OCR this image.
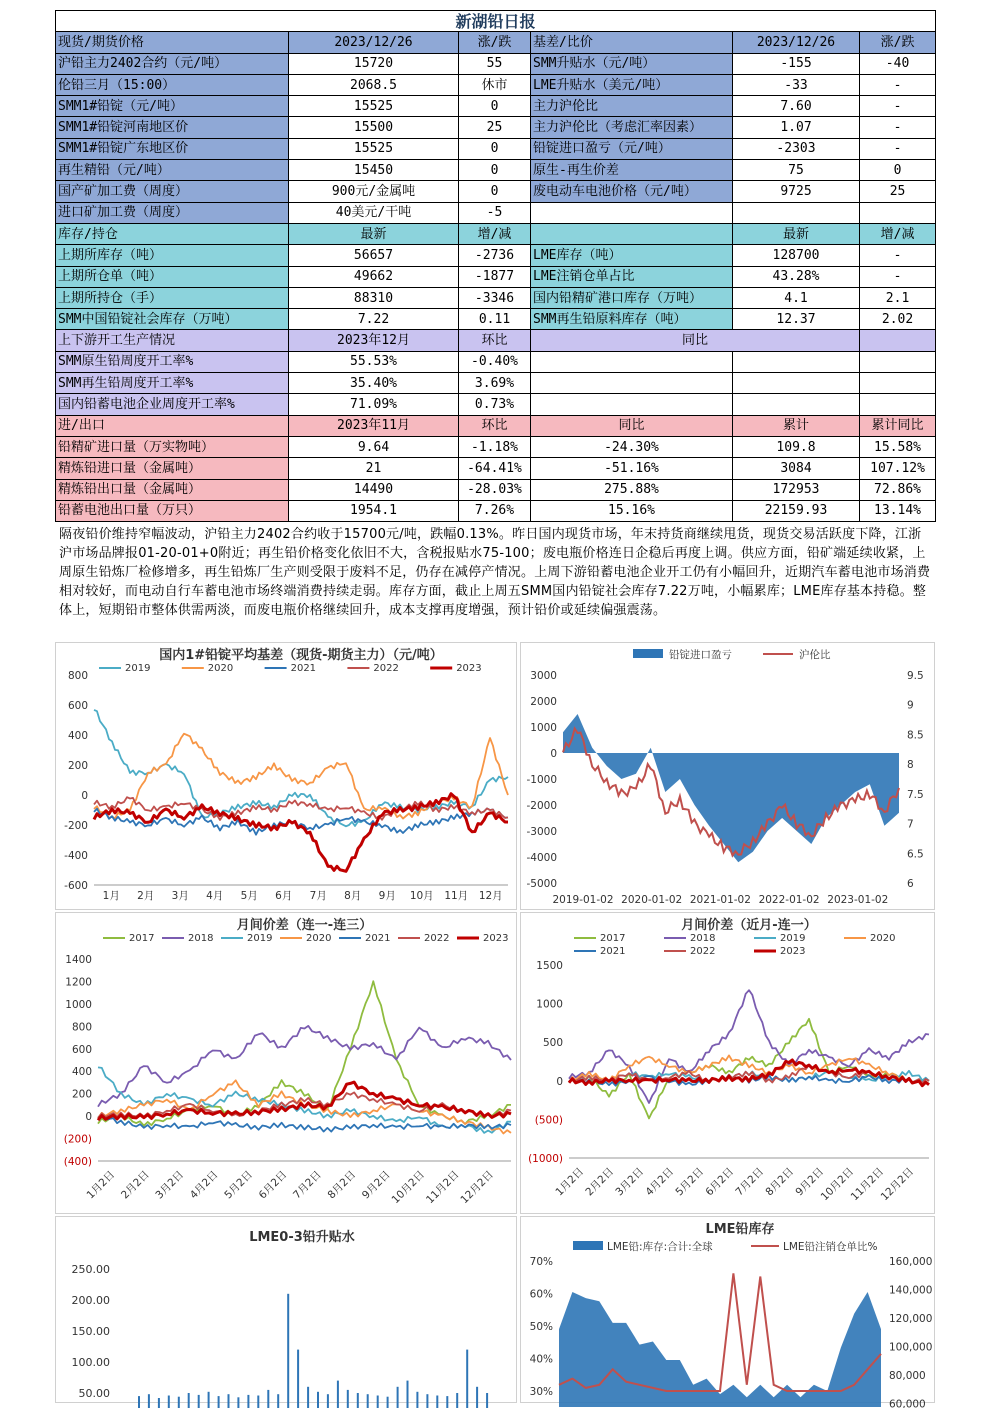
新湖铅日报					
现货/期货价格	2023/12/26	涨/跌	基差/比价	2023/12/26	涨/跌
沪铅主力2402合约（元/吨）	15720	55	SMM升贴水（元/吨）	-155	-40
伦铅三月（15:00）	2068.5	休市	LME升贴水（美元/吨）	-33	-
SMM1#铅锭（元/吨）	15525	0	主力沪伦比	7.60	-
SMM1#铅锭河南地区价	15500	25	主力沪伦比（考虑汇率因素）	1.07	-
SMM1#铅锭广东地区价	15525	0	铅锭进口盈亏（元/吨）	-2303	-
再生精铅（元/吨）	15450	0	原生-再生价差	75	0
国产矿加工费（周度）	900元/金属吨	0	废电动车电池价格（元/吨）	9725	25
进口矿加工费（周度）	40美元/干吨	-5			
库存/持仓	最新	增/减		最新	增/减
上期所库存（吨）	56657	-2736	LME库存（吨）	128700	-
上期所仓单（吨）	49662	-1877	LME注销仓单占比	43.28%	-
上期所持仓（手）	88310	-3346	国内铅精矿港口库存（万吨）	4.1	2.1
SMM中国铅锭社会库存（万吨）	7.22	0.11	SMM再生铅原料库存（吨）	12.37	2.02
上下游开工生产情况	2023年12月	环比	同比		
SMM原生铅周度开工率%	55.53%	-0.40%			
SMM再生铅周度开工率%	35.40%	3.69%			
国内铅蓄电池企业周度开工率%	71.09%	0.73%			
进/出口	2023年11月	环比	同比	累计	累计同比
铅精矿进口量（万实物吨）	9.64	-1.18%	-24.30%	109.8	15.58%
精炼铅进口量（金属吨）	21	-64.41%	-51.16%	3084	107.12%
精炼铅出口量（金属吨）	14490	-28.03%	275.88%	172953	72.86%
铅蓄电池出口量（万只）	1954.1	7.26%	15.16%	22159.93	13.14%
隔夜铅价维持窄幅波动，沪铅主力2402合约收于15700元/吨，跌幅0.13%。昨日国内现货市场，年末持货商继续甩货，现货交易活跃度下降，江浙沪市场品牌报01-20-01+0附近；再生铅价格变化依旧不大，含税报贴水75-100；废电瓶价格连日企稳后再度上调。供应方面，铅矿端延续收紧，上周原生铅炼厂检修增多，再生铅炼厂生产则受限于废料不足，仍存在减停产情况。上周下游铅蓄电池企业开工仍有小幅回升，近期汽车蓄电池市场消费相对较好，而电动自行车蓄电池市场终端消费持续走弱。库存方面，截止上周五SMM国内铅锭社会库存7.22万吨，小幅累库；LME库存基本持稳。整体上，短期铅市整体供需两淡，而废电瓶价格继续回升，成本支撑再度增强，预计铅价或延续偏强震荡。
国内1#铅锭平均基差（现货-期货主力）（元/吨）
2019	2020	2021	2022	2023
800
600
400
200
0
-200
-400
-600
1月 2月 3月 4月 5月 6月 7月 8月 9月 10月 11月 12月
铅锭进口盈亏	沪伦比
3000
2000
1000
0
-1000
-2000
-3000
-4000
-5000
9.5
9
8.5
8
7.5
7
6.5
6
2019-01-02 2020-01-02 2021-01-02 2022-01-02 2023-01-02
月间价差（连一-连三）
2017	2018	2019	2020	2021	2022	2023
1400
1200
1000
800
600
400
200
0
(200)
(400)
1月2日 2月2日 3月2日 4月2日 5月2日 6月2日 7月2日 8月2日 9月2日
10月2日
11月2日
12月2日
月间价差（近月-连一）
2017	2018	2019	2020
2021	2022	2023
1500
1000
500
0
(500)
(1000)
1月2日
2月2日
3月2日
4月2日
5月2日
6月2日
7月2日
8月2日
9月2日
10月2日
11月2日
12月2日
LME0-3铅升贴水
250.00
200.00
150.00
100.00
50.00
LME铅库存
LME铅:库存:合计:全球	LME铅注销仓单比%
70%
60%
50%
40%
30%
160,000
140,000
120,000
100,000
80,000
60,000
